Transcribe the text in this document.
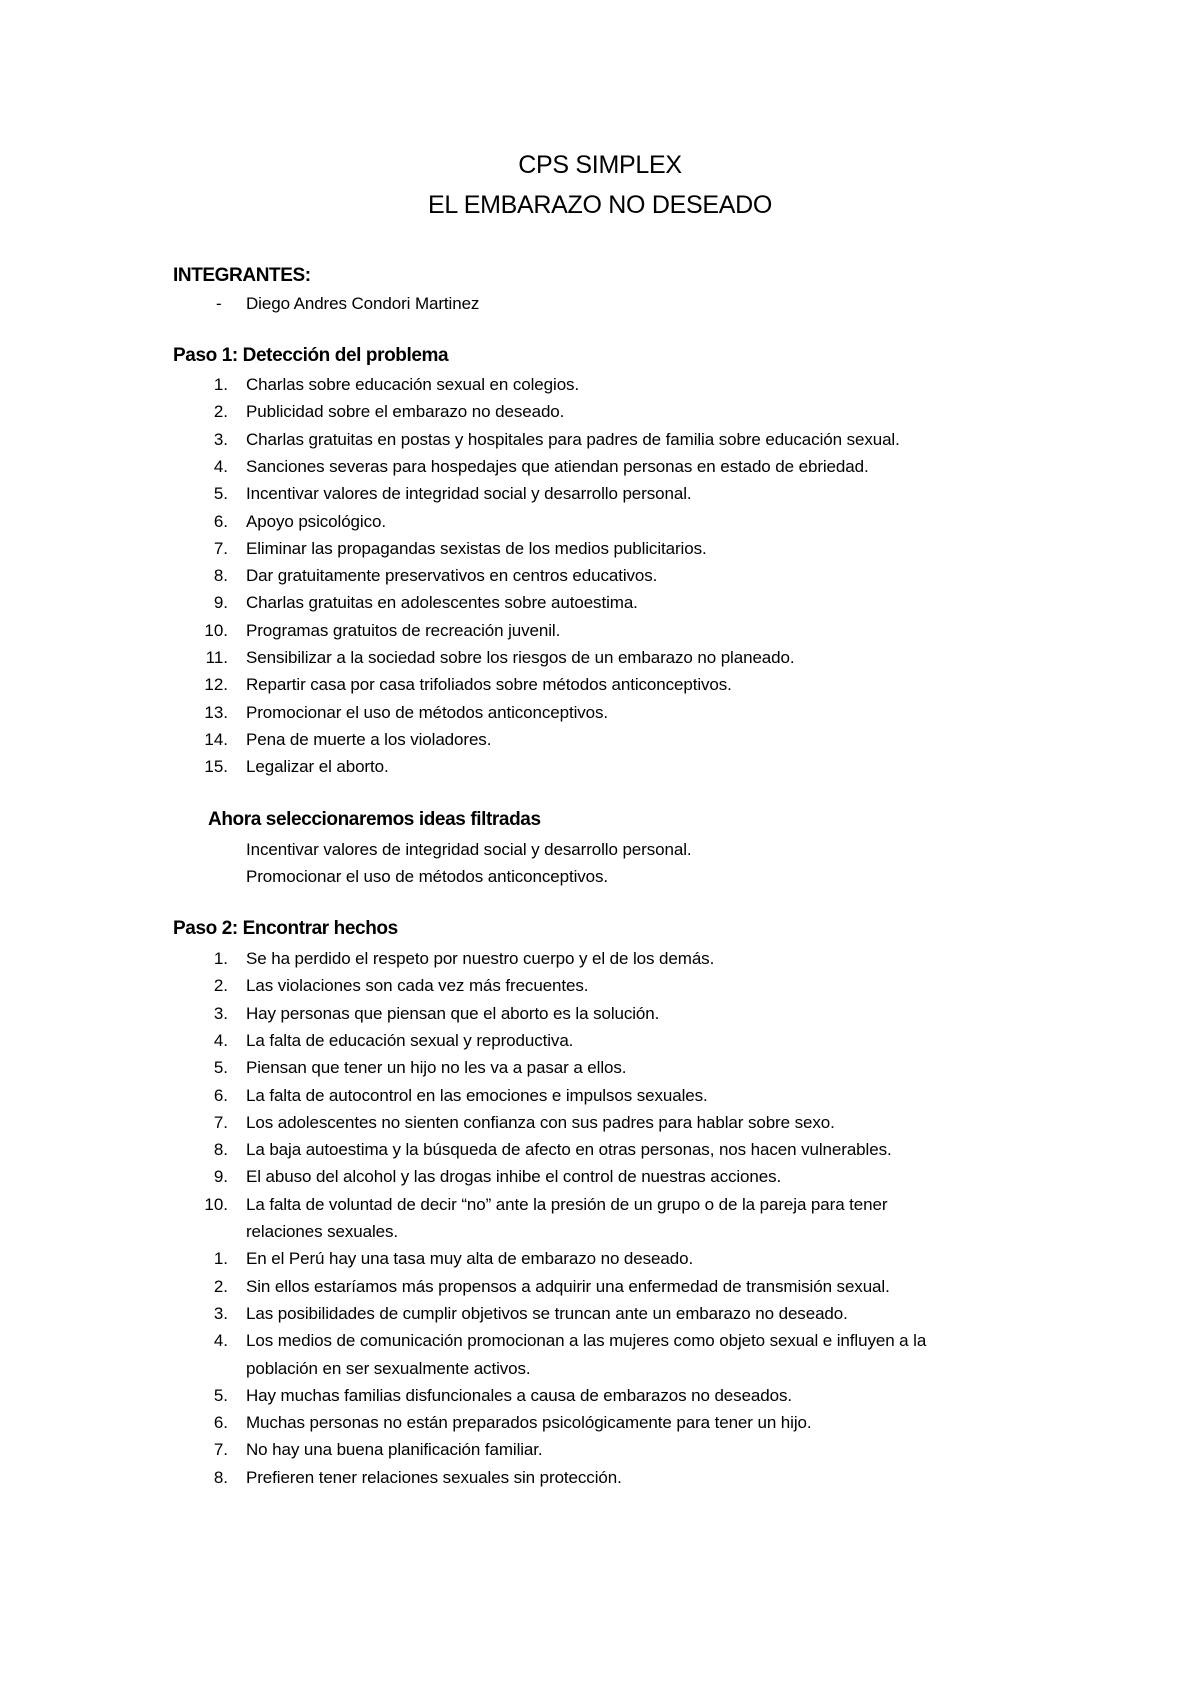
CPS SIMPLEX
EL EMBARAZO NO DESEADO
INTEGRANTES:
- Diego Andres Condori Martinez
Paso 1: Detección del problema
1. Charlas sobre educación sexual en colegios.
2. Publicidad sobre el embarazo no deseado.
3. Charlas gratuitas en postas y hospitales para padres de familia sobre educación sexual.
4. Sanciones severas para hospedajes que atiendan personas en estado de ebriedad.
5. Incentivar valores de integridad social y desarrollo personal.
6. Apoyo psicológico.
7. Eliminar las propagandas sexistas de los medios publicitarios.
8. Dar gratuitamente preservativos en centros educativos.
9. Charlas gratuitas en adolescentes sobre autoestima.
10. Programas gratuitos de recreación juvenil.
11. Sensibilizar a la sociedad sobre los riesgos de un embarazo no planeado.
12. Repartir casa por casa trifoliados sobre métodos anticonceptivos.
13. Promocionar el uso de métodos anticonceptivos.
14. Pena de muerte a los violadores.
15. Legalizar el aborto.
Ahora seleccionaremos ideas filtradas
Incentivar valores de integridad social y desarrollo personal.
Promocionar el uso de métodos anticonceptivos.
Paso 2: Encontrar hechos
1. Se ha perdido el respeto por nuestro cuerpo y el de los demás.
2. Las violaciones son cada vez más frecuentes.
3. Hay personas que piensan que el aborto es la solución.
4. La falta de educación sexual y reproductiva.
5. Piensan que tener un hijo no les va a pasar a ellos.
6. La falta de autocontrol en las emociones e impulsos sexuales.
7. Los adolescentes no sienten confianza con sus padres para hablar sobre sexo.
8. La baja autoestima y la búsqueda de afecto en otras personas, nos hacen vulnerables.
9. El abuso del alcohol y las drogas inhibe el control de nuestras acciones.
10. La falta de voluntad de decir “no” ante la presión de un grupo o de la pareja para tener
relaciones sexuales.
1. En el Perú hay una tasa muy alta de embarazo no deseado.
2. Sin ellos estaríamos más propensos a adquirir una enfermedad de transmisión sexual.
3. Las posibilidades de cumplir objetivos se truncan ante un embarazo no deseado.
4. Los medios de comunicación promocionan a las mujeres como objeto sexual e influyen a la
población en ser sexualmente activos.
5. Hay muchas familias disfuncionales a causa de embarazos no deseados.
6. Muchas personas no están preparados psicológicamente para tener un hijo.
7. No hay una buena planificación familiar.
8. Prefieren tener relaciones sexuales sin protección.
